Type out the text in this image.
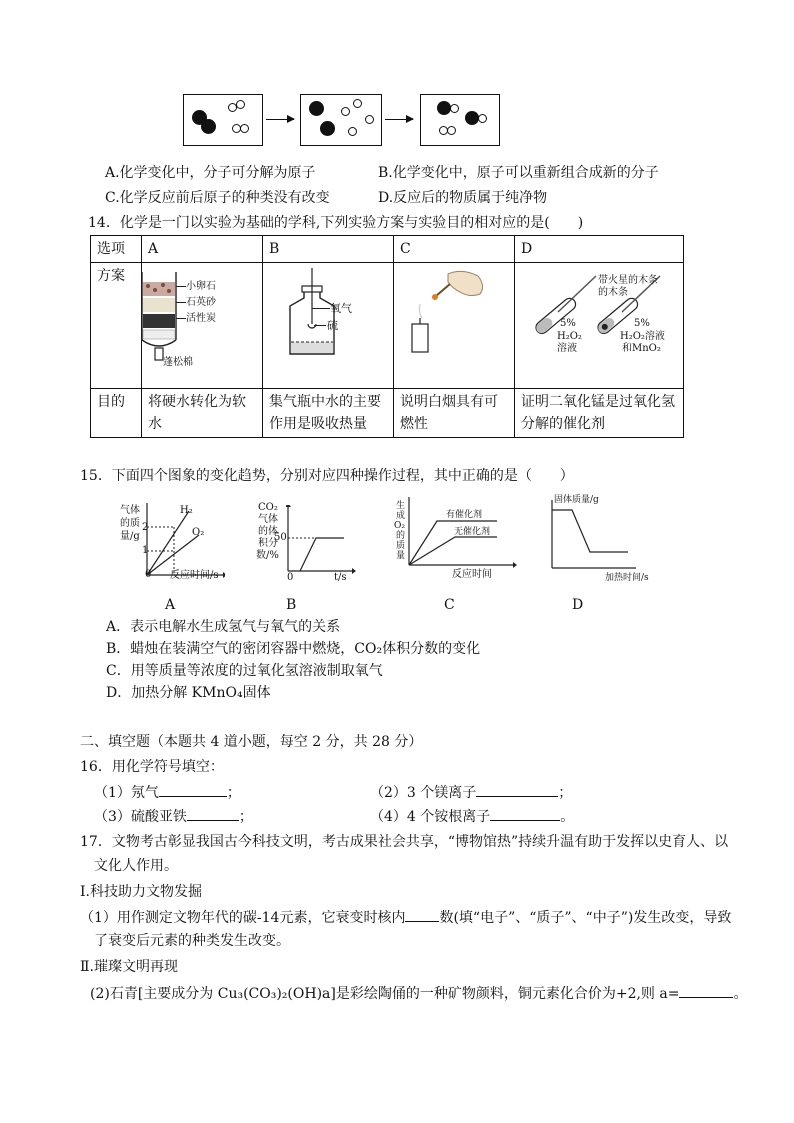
A.化学变化中，分子可分解为原子	B.化学变化中，原子可以重新组合成新的分子
C.化学反应前后原子的种类没有改变	D.反应后的物质属于纯净物
14．化学是一门以实验为基础的学科,下列实验方案与实验目的相对应的是(　　)
选项	A	B	C	D
方案				
目的	将硬水转化为软水	集气瓶中水的主要作用是吸收热量	说明白烟具有可燃性	证明二氧化锰是过氧化氢分解的催化剂
小卵石
石英砂
活性炭
蓬松棉
氧气
硫
带火星的木条
的木条
5%
H₂O₂
溶液
5%
H₂O₂溶液
和MnO₂
15．下面四个图象的变化趋势，分别对应四种操作过程，其中正确的是（　　）
气体
的质
量/g
2
1
0
H₂
O₂
反应时间/s
CO₂
气体
的体
积分
数/%
50
0	t/s
生
成
O₂
的
质
量
有催化剂
无催化剂
反应时间
固体质量/g
加热时间/s
A	B	C	D
A．表示电解水生成氢气与氧气的关系
B．蜡烛在装满空气的密闭容器中燃烧，CO₂体积分数的变化
C．用等质量等浓度的过氧化氢溶液制取氧气
D．加热分解 KMnO₄固体
二、填空题（本题共 4 道小题，每空 2 分，共 28 分）
16．用化学符号填空：
（1）氖气	；	（2）3 个镁离子	；
（3）硫酸亚铁	；	（4）4 个铵根离子	。
17．文物考古彰显我国古今科技文明，考古成果社会共享，“博物馆热”持续升温有助于发挥以史育人、以
文化人作用。
I.科技助力文物发掘
（1）用作测定文物年代的碳-14元素，它衰变时核内 数(填“电子”、“质子”、“中子”)发生改变，导致
了衰变后元素的种类发生改变。
Ⅱ.璀璨文明再现
(2)石青[主要成分为 Cu₃(CO₃)₂(OH)a]是彩绘陶俑的一种矿物颜料，铜元素化合价为+2,则 a=	。
